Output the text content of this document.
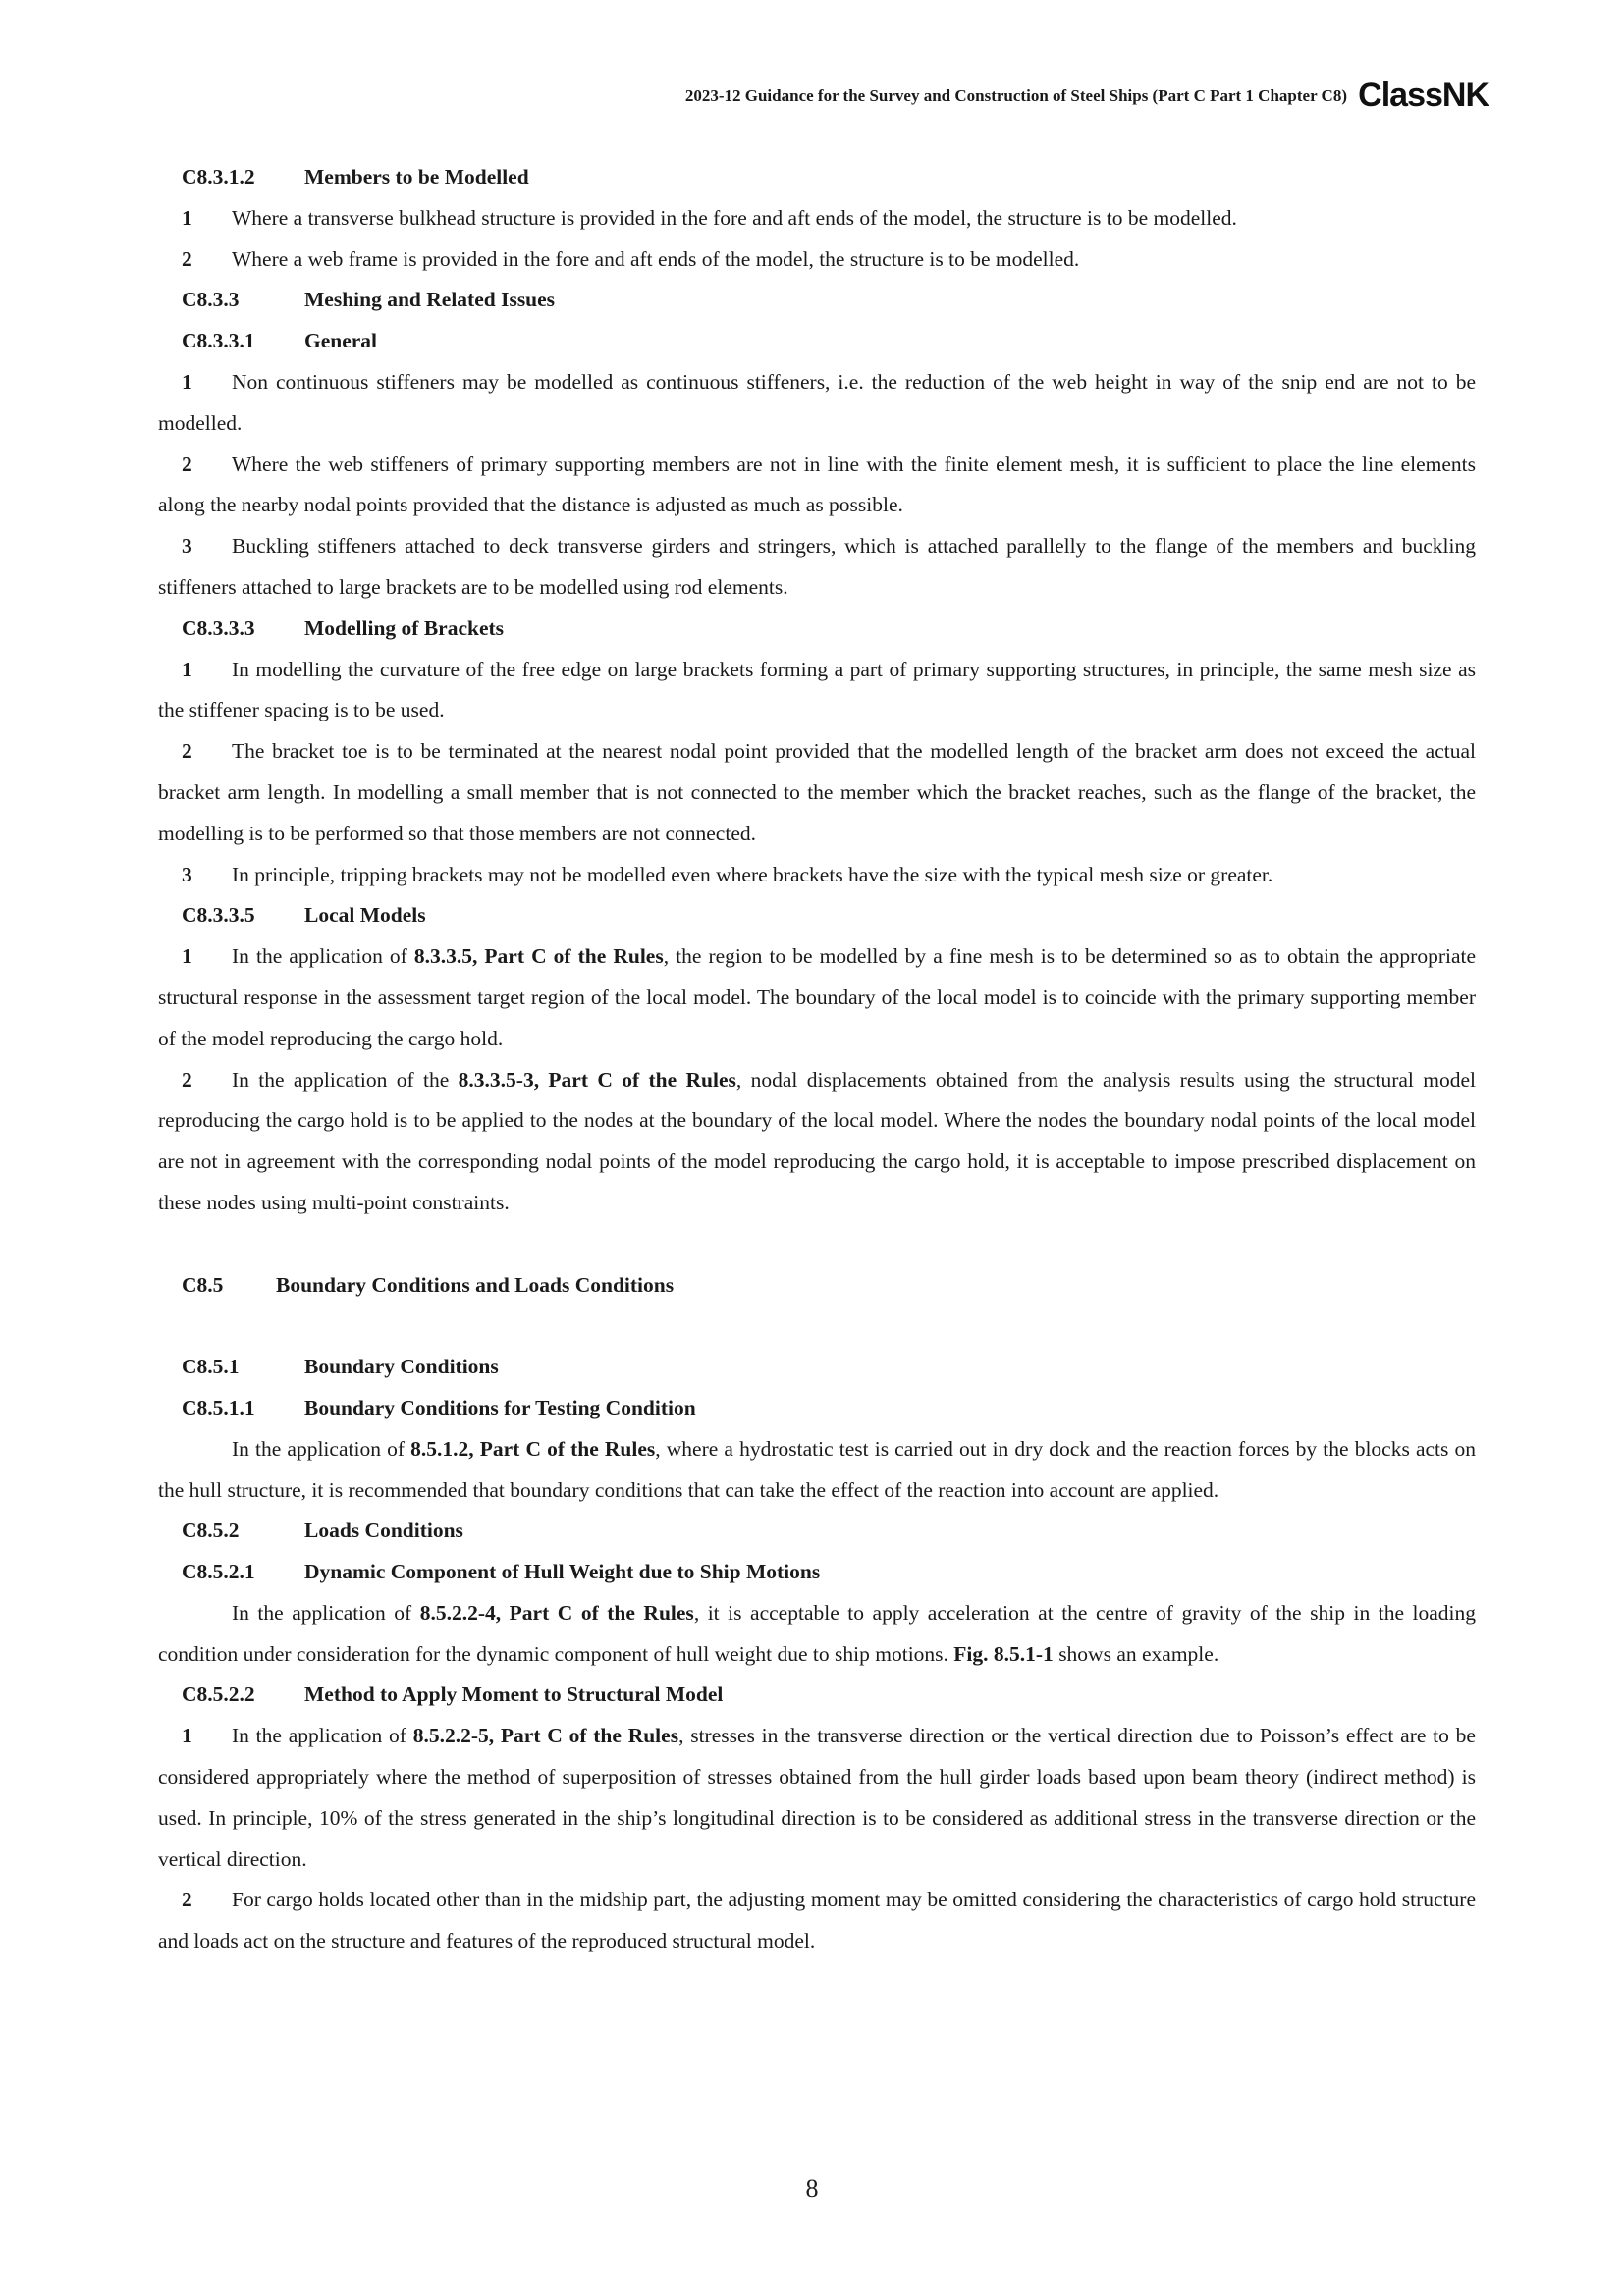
2023-12 Guidance for the Survey and Construction of Steel Ships (Part C Part 1 Chapter C8) ClassNK

C8.3.1.2 Members to be Modelled

1 Where a transverse bulkhead structure is provided in the fore and aft ends of the model, the structure is to be modelled.

2 Where a web frame is provided in the fore and aft ends of the model, the structure is to be modelled.

C8.3.3	Meshing and Related Issues

C8.3.3.1 General

1 Non continuous stiffeners may be modelled as continuous stiffeners, i.e. the reduction of the web height in way of the snip end are not to be modelled.

2 Where the web stiffeners of primary supporting members are not in line with the finite element mesh, it is sufficient to place the line elements along the nearby nodal points provided that the distance is adjusted as much as possible.

3 Buckling stiffeners attached to deck transverse girders and stringers, which is attached parallelly to the flange of the members and buckling stiffeners attached to large brackets are to be modelled using rod elements.

C8.3.3.3 Modelling of Brackets

1 In modelling the curvature of the free edge on large brackets forming a part of primary supporting structures, in principle, the same mesh size as the stiffener spacing is to be used.

2 The bracket toe is to be terminated at the nearest nodal point provided that the modelled length of the bracket arm does not exceed the actual bracket arm length. In modelling a small member that is not connected to the member which the bracket reaches, such as the flange of the bracket, the modelling is to be performed so that those members are not connected.

3 In principle, tripping brackets may not be modelled even where brackets have the size with the typical mesh size or greater.

C8.3.3.5 Local Models

1 In the application of 8.3.3.5, Part C of the Rules, the region to be modelled by a fine mesh is to be determined so as to obtain the appropriate structural response in the assessment target region of the local model. The boundary of the local model is to coincide with the primary supporting member of the model reproducing the cargo hold.

2 In the application of the 8.3.3.5-3, Part C of the Rules, nodal displacements obtained from the analysis results using the structural model reproducing the cargo hold is to be applied to the nodes at the boundary of the local model. Where the nodes the boundary nodal points of the local model are not in agreement with the corresponding nodal points of the model reproducing the cargo hold, it is acceptable to impose prescribed displacement on these nodes using multi-point constraints.

C8.5 Boundary Conditions and Loads Conditions

C8.5.1	Boundary Conditions

C8.5.1.1 Boundary Conditions for Testing Condition

In the application of 8.5.1.2, Part C of the Rules, where a hydrostatic test is carried out in dry dock and the reaction forces by the blocks acts on the hull structure, it is recommended that boundary conditions that can take the effect of the reaction into account are applied.

C8.5.2	Loads Conditions

C8.5.2.1 Dynamic Component of Hull Weight due to Ship Motions

In the application of 8.5.2.2-4, Part C of the Rules, it is acceptable to apply acceleration at the centre of gravity of the ship in the loading condition under consideration for the dynamic component of hull weight due to ship motions. Fig. 8.5.1-1 shows an example.

C8.5.2.2 Method to Apply Moment to Structural Model

1 In the application of 8.5.2.2-5, Part C of the Rules, stresses in the transverse direction or the vertical direction due to Poisson’s effect are to be considered appropriately where the method of superposition of stresses obtained from the hull girder loads based upon beam theory (indirect method) is used. In principle, 10% of the stress generated in the ship’s longitudinal direction is to be considered as additional stress in the transverse direction or the vertical direction.

2 For cargo holds located other than in the midship part, the adjusting moment may be omitted considering the characteristics of cargo hold structure and loads act on the structure and features of the reproduced structural model.

8
